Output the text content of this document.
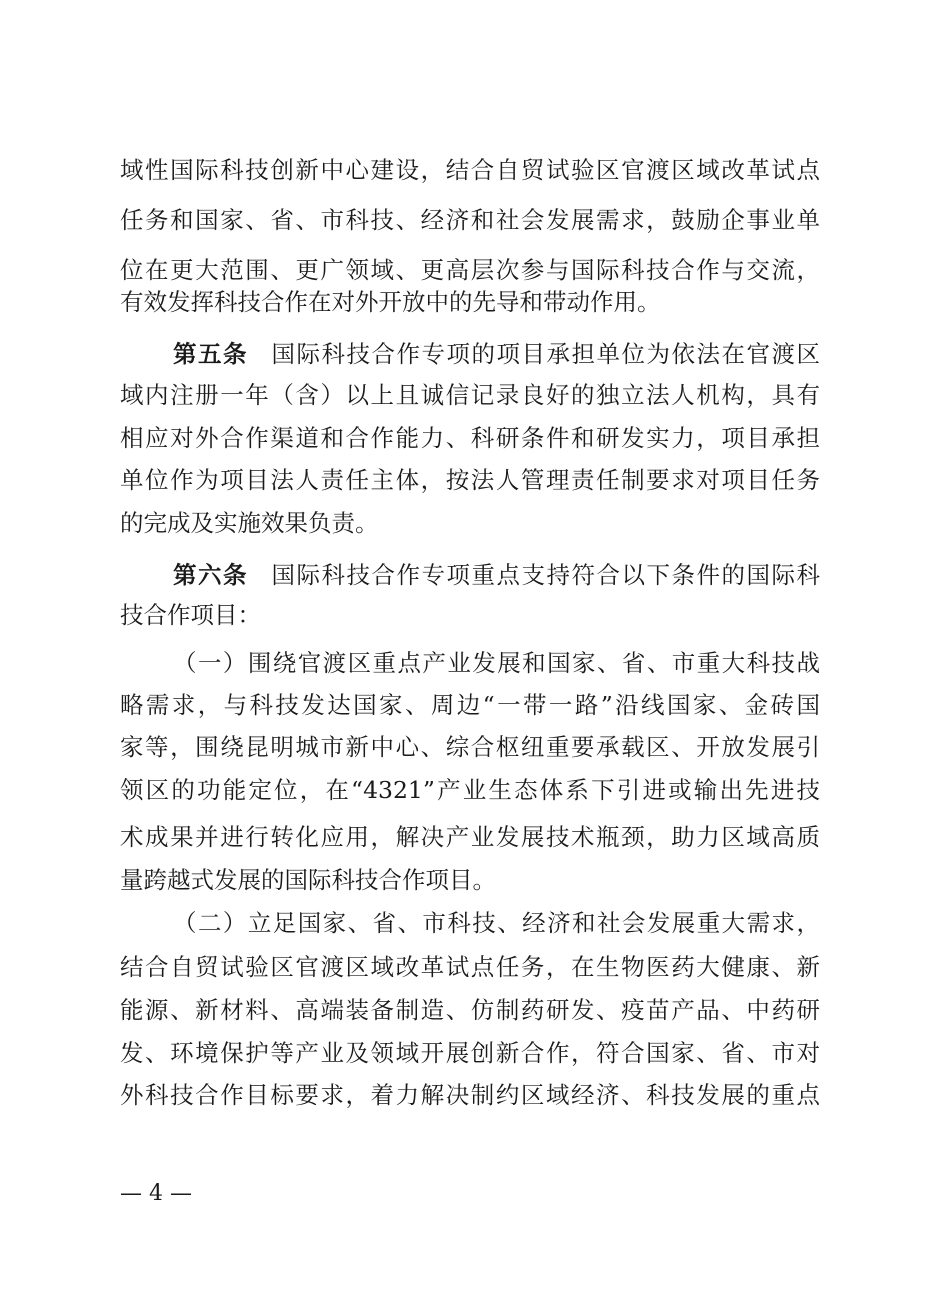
域性国际科技创新中心建设，结合自贸试验区官渡区域改革试点
任务和国家、省、市科技、经济和社会发展需求，鼓励企事业单
位在更大范围、更广领域、更高层次参与国际科技合作与交流，
有效发挥科技合作在对外开放中的先导和带动作用。
第五条 国际科技合作专项的项目承担单位为依法在官渡区
域内注册一年（含）以上且诚信记录良好的独立法人机构，具有
相应对外合作渠道和合作能力、科研条件和研发实力，项目承担
单位作为项目法人责任主体，按法人管理责任制要求对项目任务
的完成及实施效果负责。
第六条 国际科技合作专项重点支持符合以下条件的国际科
技合作项目：
（一）围绕官渡区重点产业发展和国家、省、市重大科技战
略需求，与科技发达国家、周边“一带一路”沿线国家、金砖国
家等，围绕昆明城市新中心、综合枢纽重要承载区、开放发展引
领区的功能定位，在“4321”产业生态体系下引进或输出先进技
术成果并进行转化应用，解决产业发展技术瓶颈，助力区域高质
量跨越式发展的国际科技合作项目。
（二）立足国家、省、市科技、经济和社会发展重大需求，
结合自贸试验区官渡区域改革试点任务，在生物医药大健康、新
能源、新材料、高端装备制造、仿制药研发、疫苗产品、中药研
发、环境保护等产业及领域开展创新合作，符合国家、省、市对
外科技合作目标要求，着力解决制约区域经济、科技发展的重点
— 4 —
